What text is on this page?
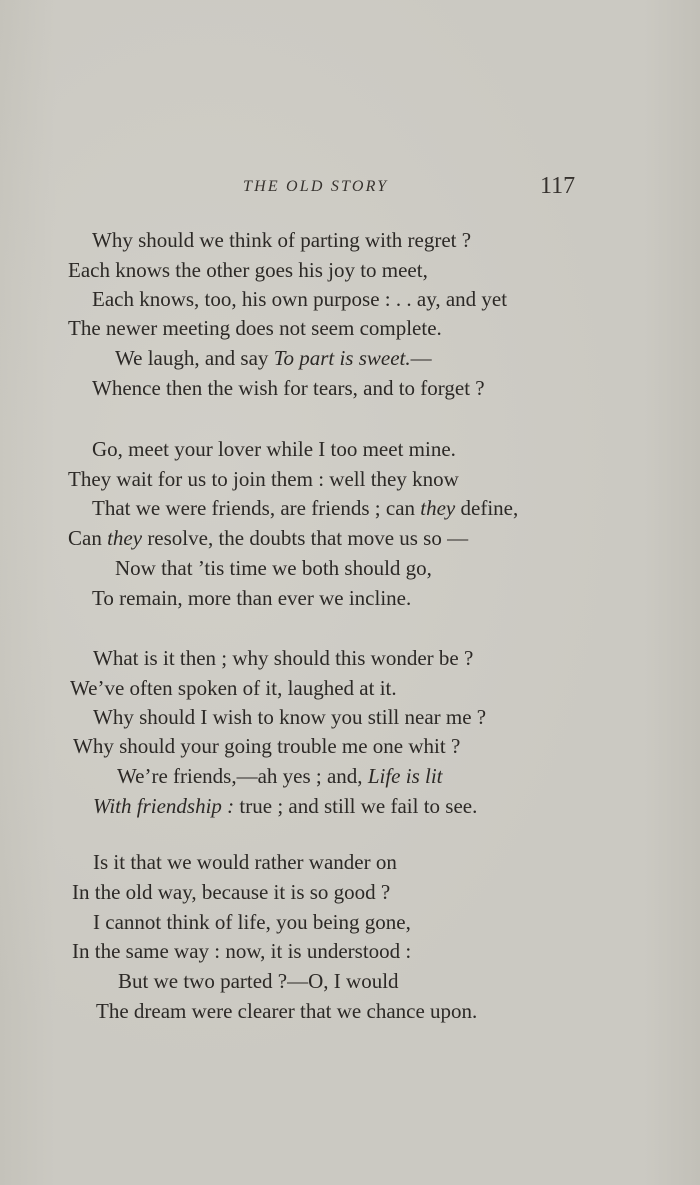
THE OLD STORY	117
Why should we think of parting with regret ?
Each knows the other goes his joy to meet,
Each knows, too, his own purpose : . . ay, and yet
The newer meeting does not seem complete.
We laugh, and say To part is sweet.—
Whence then the wish for tears, and to forget ?
Go, meet your lover while I too meet mine.
They wait for us to join them : well they know
That we were friends, are friends ; can they define,
Can they resolve, the doubts that move us so —
Now that ’tis time we both should go,
To remain, more than ever we incline.
What is it then ; why should this wonder be ?
We’ve often spoken of it, laughed at it.
Why should I wish to know you still near me ?
Why should your going trouble me one whit ?
We’re friends,—ah yes ; and, Life is lit
With friendship : true ; and still we fail to see.
Is it that we would rather wander on
In the old way, because it is so good ?
I cannot think of life, you being gone,
In the same way : now, it is understood :
But we two parted ?—O, I would
The dream were clearer that we chance upon.
